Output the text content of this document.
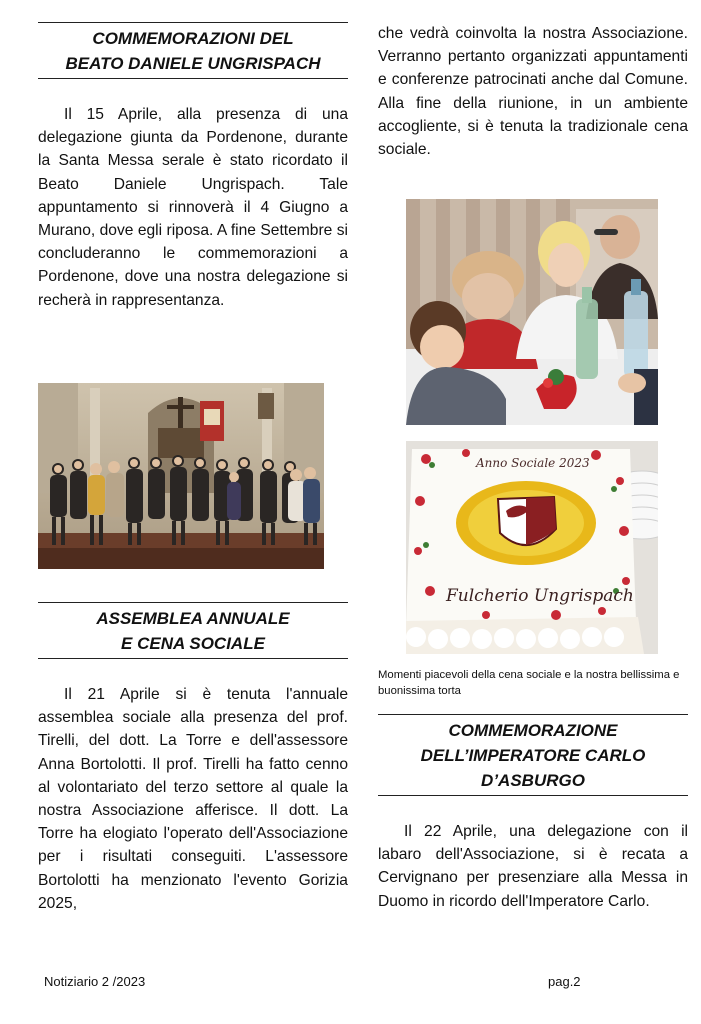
COMMEMORAZIONI DEL
BEATO DANIELE UNGRISPACH

Il 15 Aprile, alla presenza di una delegazione giunta da Pordenone, durante la Santa Messa serale è stato ricordato il Beato Daniele Ungrispach. Tale appuntamento si rinnoverà il 4 Giugno a Murano, dove egli riposa. A fine Settembre si concluderanno le commemorazioni a Pordenone, dove una nostra delegazione si recherà in rappresentanza.

ASSEMBLEA ANNUALE
E CENA SOCIALE

Il 21 Aprile si è tenuta l'annuale assemblea sociale alla presenza del prof. Tirelli, del dott. La Torre e dell'assessore Anna Bortolotti. Il prof. Tirelli ha fatto cenno al volontariato del terzo settore al quale la nostra Associazione afferisce. Il dott. La Torre ha elogiato l'operato dell'Associazione per i risultati conseguiti. L'assessore Bortolotti ha menzionato l'evento Gorizia 2025,

che vedrà coinvolta la nostra Associazione. Verranno pertanto organizzati appuntamenti e conferenze patrocinati anche dal Comune. Alla fine della riunione, in un ambiente accogliente, si è tenuta la tradizionale cena sociale.

Anno Sociale 2023
Fulcherio Ungrispach
Momenti piacevoli della cena sociale e la nostra bellissima e buonissima torta
COMMEMORAZIONE
DELL’IMPERATORE CARLO
D’ASBURGO

Il 22 Aprile, una delegazione con il labaro dell'Associazione, si è recata a Cervignano per presenziare alla Messa in Duomo in ricordo dell'Imperatore Carlo.

Notiziario 2 /2023	pag.2
